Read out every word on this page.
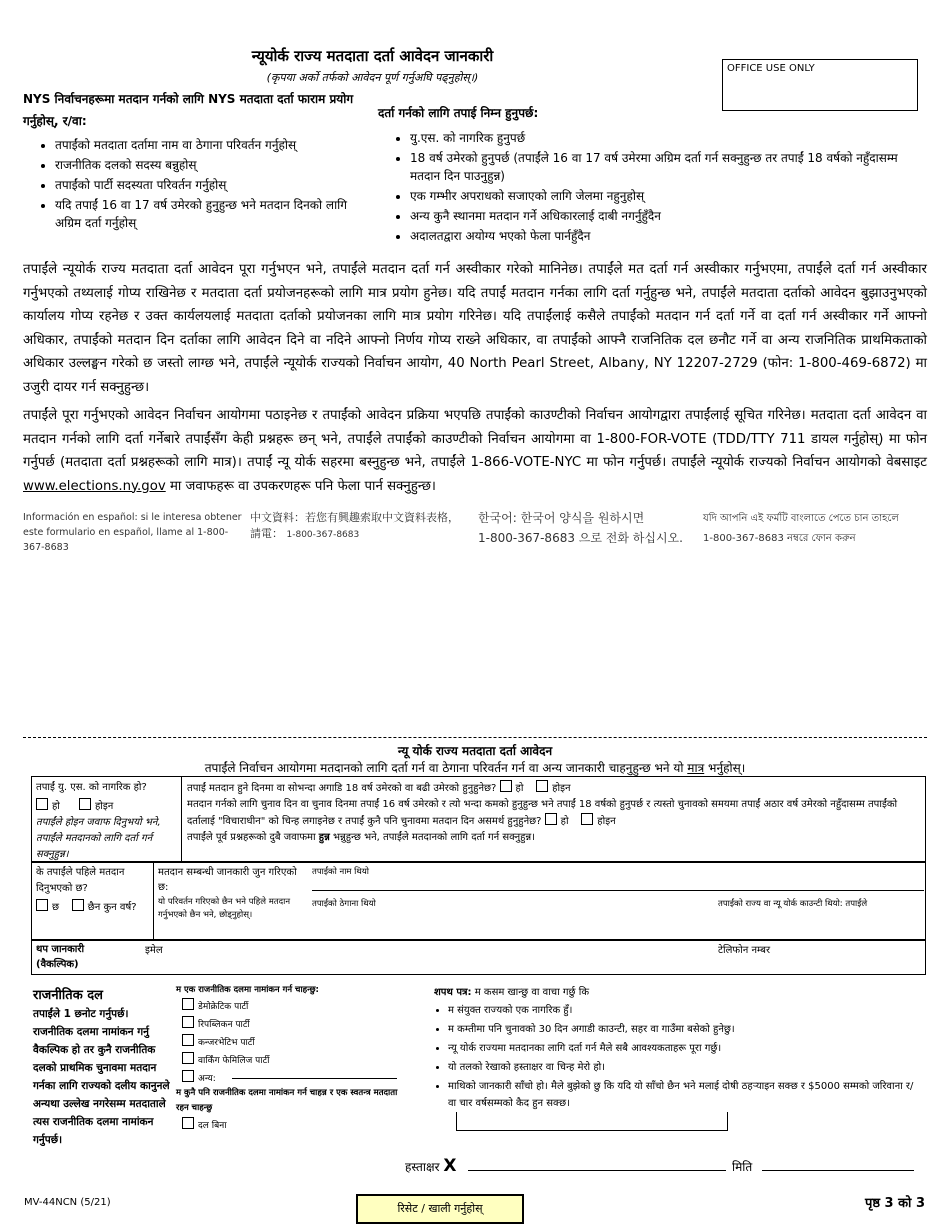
न्यूयोर्क राज्य मतदाता दर्ता आवेदन जानकारी
(कृपया अर्को तर्फको आवेदन पूर्ण गर्नुअघि पढ्नुहोस्।)
OFFICE USE ONLY
NYS निर्वाचनहरूमा मतदान गर्नको लागि NYS मतदाता दर्ता फाराम प्रयोग गर्नुहोस्, र/वा:
• तपाईंको मतदाता दर्तामा नाम वा ठेगाना परिवर्तन गर्नुहोस्
• राजनीतिक दलको सदस्य बन्नुहोस्
• तपाईंको पार्टी सदस्यता परिवर्तन गर्नुहोस्
• यदि तपाईं 16 वा 17 वर्ष उमेरको हुनुहुन्छ भने मतदान दिनको लागि अग्रिम दर्ता गर्नुहोस्
दर्ता गर्नको लागि तपाई निम्न हुनुपर्छ:
• यु.एस. को नागरिक हुनुपर्छ
• 18 वर्ष उमेरको हुनुपर्छ (तपाईंले 16 वा 17 वर्ष उमेरमा अग्रिम दर्ता गर्न सक्नुहुन्छ तर तपाईं 18 वर्षको नहुँदासम्म मतदान दिन पाउनुहुन्न)
• एक गम्भीर अपराधको सजाएको लागि जेलमा नहुनुहोस्
• अन्य कुनै स्थानमा मतदान गर्ने अधिकारलाई दाबी नगर्नुहुँदैन
• अदालतद्वारा अयोग्य भएको फेला पार्नहुँदैन
तपाईंले न्यूयोर्क राज्य मतदाता दर्ता आवेदन पूरा गर्नुभएन भने, तपाईंले मतदान दर्ता गर्न अस्वीकार गरेको मानिनेछ। तपाईंले मत दर्ता गर्न अस्वीकार गर्नुभएमा, तपाईंले दर्ता गर्न अस्वीकार गर्नुभएको तथ्यलाई गोप्य राखिनेछ र मतदाता दर्ता प्रयोजनहरूको लागि मात्र प्रयोग हुनेछ। यदि तपाईं मतदान गर्नका लागि दर्ता गर्नुहुन्छ भने, तपाईंले मतदाता दर्ताको आवेदन बुझाउनुभएको कार्यालय गोप्य रहनेछ र उक्त कार्यलयलाई मतदाता दर्ताको प्रयोजनका लागि मात्र प्रयोग गरिनेछ। यदि तपाईंलाई कसैले तपाईंको मतदान गर्न दर्ता गर्ने वा दर्ता गर्न अस्वीकार गर्ने आफ्नो अधिकार, तपाईंको मतदान दिन दर्ताका लागि आवेदन दिने वा नदिने आफ्नो निर्णय गोप्य राख्ने अधिकार, वा तपाईंको आफ्नै राजनितिक दल छनौट गर्ने वा अन्य राजनितिक प्राथमिकताको अधिकार उल्लङ्घन गरेको छ जस्तो लाग्छ भने, तपाईंले न्यूयोर्क राज्यको निर्वाचन आयोग, 40 North Pearl Street, Albany, NY 12207-2729 (फोन: 1-800-469-6872) मा उजुरी दायर गर्न सक्नुहुन्छ।
तपाईंले पूरा गर्नुभएको आवेदन निर्वाचन आयोगमा पठाइनेछ र तपाईंको आवेदन प्रक्रिया भएपछि तपाईंको काउण्टीको निर्वाचन आयोगद्वारा तपाईंलाई सूचित गरिनेछ। मतदाता दर्ता आवेदन वा मतदान गर्नको लागि दर्ता गर्नेबारे तपाईंसँग केही प्रश्नहरू छन् भने, तपाईंले तपाईंको काउण्टीको निर्वाचन आयोगमा वा 1-800-FOR-VOTE (TDD/TTY 711 डायल गर्नुहोस्) मा फोन गर्नुपर्छ (मतदाता दर्ता प्रश्नहरूको लागि मात्र)। तपाईं न्यू योर्क सहरमा बस्नुहुन्छ भने, तपाईंले 1-866-VOTE-NYC मा फोन गर्नुपर्छ। तपाईंले न्यूयोर्क राज्यको निर्वाचन आयोगको वेबसाइट www.elections.ny.gov मा जवाफहरू वा उपकरणहरू पनि फेला पार्न सक्नुहुन्छ।
Información en español: si le interesa obtener este formulario en español, llame al 1-800-367-8683
中文資料：若您有興趣索取中文資料表格，
請電： 1-800-367-8683
한국어: 한국어 양식을 원하시면
1-800-367-8683 으로 전화 하십시오.
যদি আপনি এই ফর্মটি বাংলাতে পেতে চান তাহলে
1-800-367-8683 নম্বরে ফোন করুন
न्यू योर्क राज्य मतदाता दर्ता आवेदन
तपाईंले निर्वाचन आयोगमा मतदानको लागि दर्ता गर्न वा ठेगाना परिवर्तन गर्न वा अन्य जानकारी चाहनुहुन्छ भने यो मात्र भर्नुहोस्।
तपाईं यु. एस. को नागरिक हो?
हो	होइन
तपाईंले होइन जवाफ दिनुभयो भने, तपाईंले मतदानको लागि दर्ता गर्न सक्नुहुन्न।
तपाईं मतदान हुने दिनमा वा सोभन्दा अगाडि 18 वर्ष उमेरको वा बढी उमेरको हुनुहुनेछ? हो	होइन
मतदान गर्नको लागि चुनाव दिन वा चुनाव दिनमा तपाईं 16 वर्ष उमेरको र त्यो भन्दा कमको हुनुहुन्छ भने तपाईं 18 वर्षको हुनुपर्छ र त्यस्तो चुनावको समयमा तपाईं अठार वर्ष उमेरको नहुँदासम्म तपाईंको दर्तालाई "विचाराधीन" को चिन्ह लगाइनेछ र तपाईं कुनै पनि चुनावमा मतदान दिन असमर्थ हुनुहुनेछ? हो	होइन
तपाईंले पूर्व प्रश्नहरूको दुबै जवाफमा हुन्न भन्नुहुन्छ भने, तपाईंले मतदानको लागि दर्ता गर्न सक्नुहुन्न।
के तपाईंले पहिले मतदान दिनुभएको छ?
छ	छैन कुन वर्ष?
मतदान सम्बन्धी जानकारी जुन गरिएको छ:
यो परिवर्तन गरिएको छैन भने पहिले मतदान गर्नुभएको छैन भने, छोड्नुहोस्।
तपाईंको नाम थियो
तपाईंको ठेगाना थियो	तपाईंको राज्य वा न्यू योर्क काउन्टी थियो: तपाईंले
थप जानकारी (वैकल्पिक)
इमेल	टेलिफोन नम्बर
राजनीतिक दल
तपाईंले 1 छनोट गर्नुपर्छ। राजनीतिक दलमा नामांकन गर्नु वैकल्पिक हो तर कुनै राजनीतिक दलको प्राथमिक चुनावमा मतदान गर्नका लागि राज्यको दलीय कानुनले अन्यथा उल्लेख नगरेसम्म मतदाताले त्यस राजनीतिक दलमा नामांकन गर्नुपर्छ।
म एक राजनीतिक दलमा नामांकन गर्न चाहन्छु:
डेमोक्रेटिक पार्टी
रिपब्लिकन पार्टी
कन्जरभेटिभ पार्टी
वार्किंग फेमिलिज पार्टी
अन्य:
म कुनै पनि राजनीतिक दलमा नामांकन गर्न चाहन्न र एक स्वतन्त्र मतदाता रहन चाहन्छु
दल बिना
शपथ पत्र: म कसम खान्छु वा वाचा गर्छु कि
• म संयुक्त राज्यको एक नागरिक हुँ।
• म कम्तीमा पनि चुनावको 30 दिन अगाडी काउन्टी, सहर वा गाउँमा बसेको हुनेछु।
• न्यू योर्क राज्यमा मतदानका लागि दर्ता गर्न मैले सबै आवश्यकताहरू पूरा गर्छु।
• यो तलको रेखाको हस्ताक्षर वा चिन्ह मेरो हो।
• माथिको जानकारी साँचो हो। मैले बुझेको छु कि यदि यो साँचो छैन भने मलाई दोषी ठहऱ्याइन सक्छ र $5000 सम्मको जरिवाना र/वा चार वर्षसम्मको कैद हुन सक्छ।
हस्ताक्षर X	मिति
MV-44NCN (5/21)	रिसेट / खाली गर्नुहोस्	पृष्ठ 3 को 3
